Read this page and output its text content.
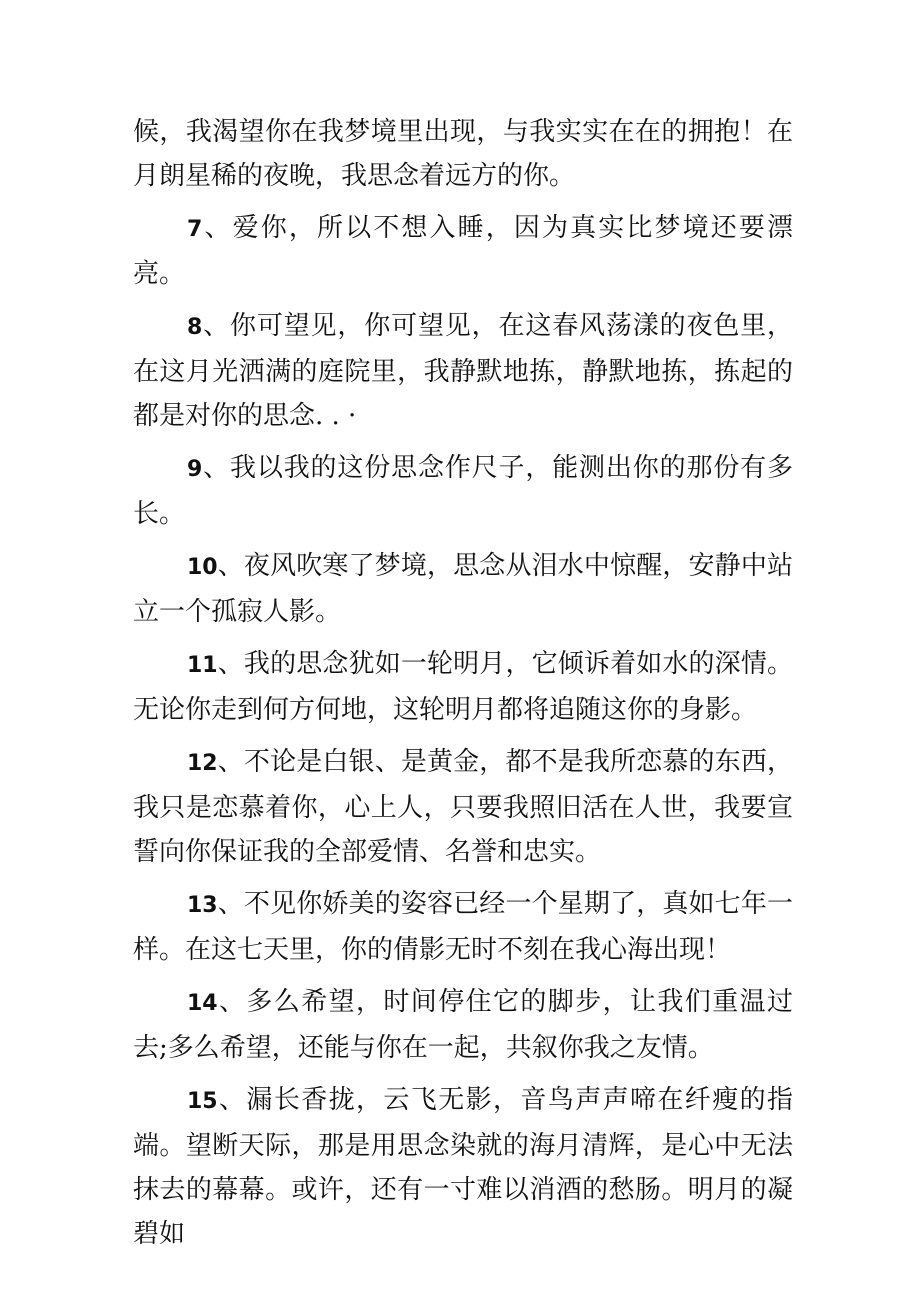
候，我渴望你在我梦境里出现，与我实实在在的拥抱！在月朗星稀的夜晚，我思念着远方的你。

7、爱你，所以不想入睡，因为真实比梦境还要漂亮。

8、你可望见，你可望见，在这春风荡漾的夜色里，在这月光洒满的庭院里，我静默地拣，静默地拣，拣起的都是对你的思念. . ·

9、我以我的这份思念作尺子，能测出你的那份有多长。

10、夜风吹寒了梦境，思念从泪水中惊醒，安静中站立一个孤寂人影。

11、我的思念犹如一轮明月，它倾诉着如水的深情。无论你走到何方何地，这轮明月都将追随这你的身影。

12、不论是白银、是黄金，都不是我所恋慕的东西，我只是恋慕着你，心上人，只要我照旧活在人世，我要宣誓向你保证我的全部爱情、名誉和忠实。

13、不见你娇美的姿容已经一个星期了，真如七年一样。在这七天里，你的倩影无时不刻在我心海出现！

14、多么希望，时间停住它的脚步，让我们重温过去;多么希望，还能与你在一起，共叙你我之友情。

15、漏长香拢，云飞无影，音鸟声声啼在纤瘦的指端。望断天际，那是用思念染就的海月清辉，是心中无法抹去的幕幕。或许，还有一寸难以消酒的愁肠。明月的凝碧如
